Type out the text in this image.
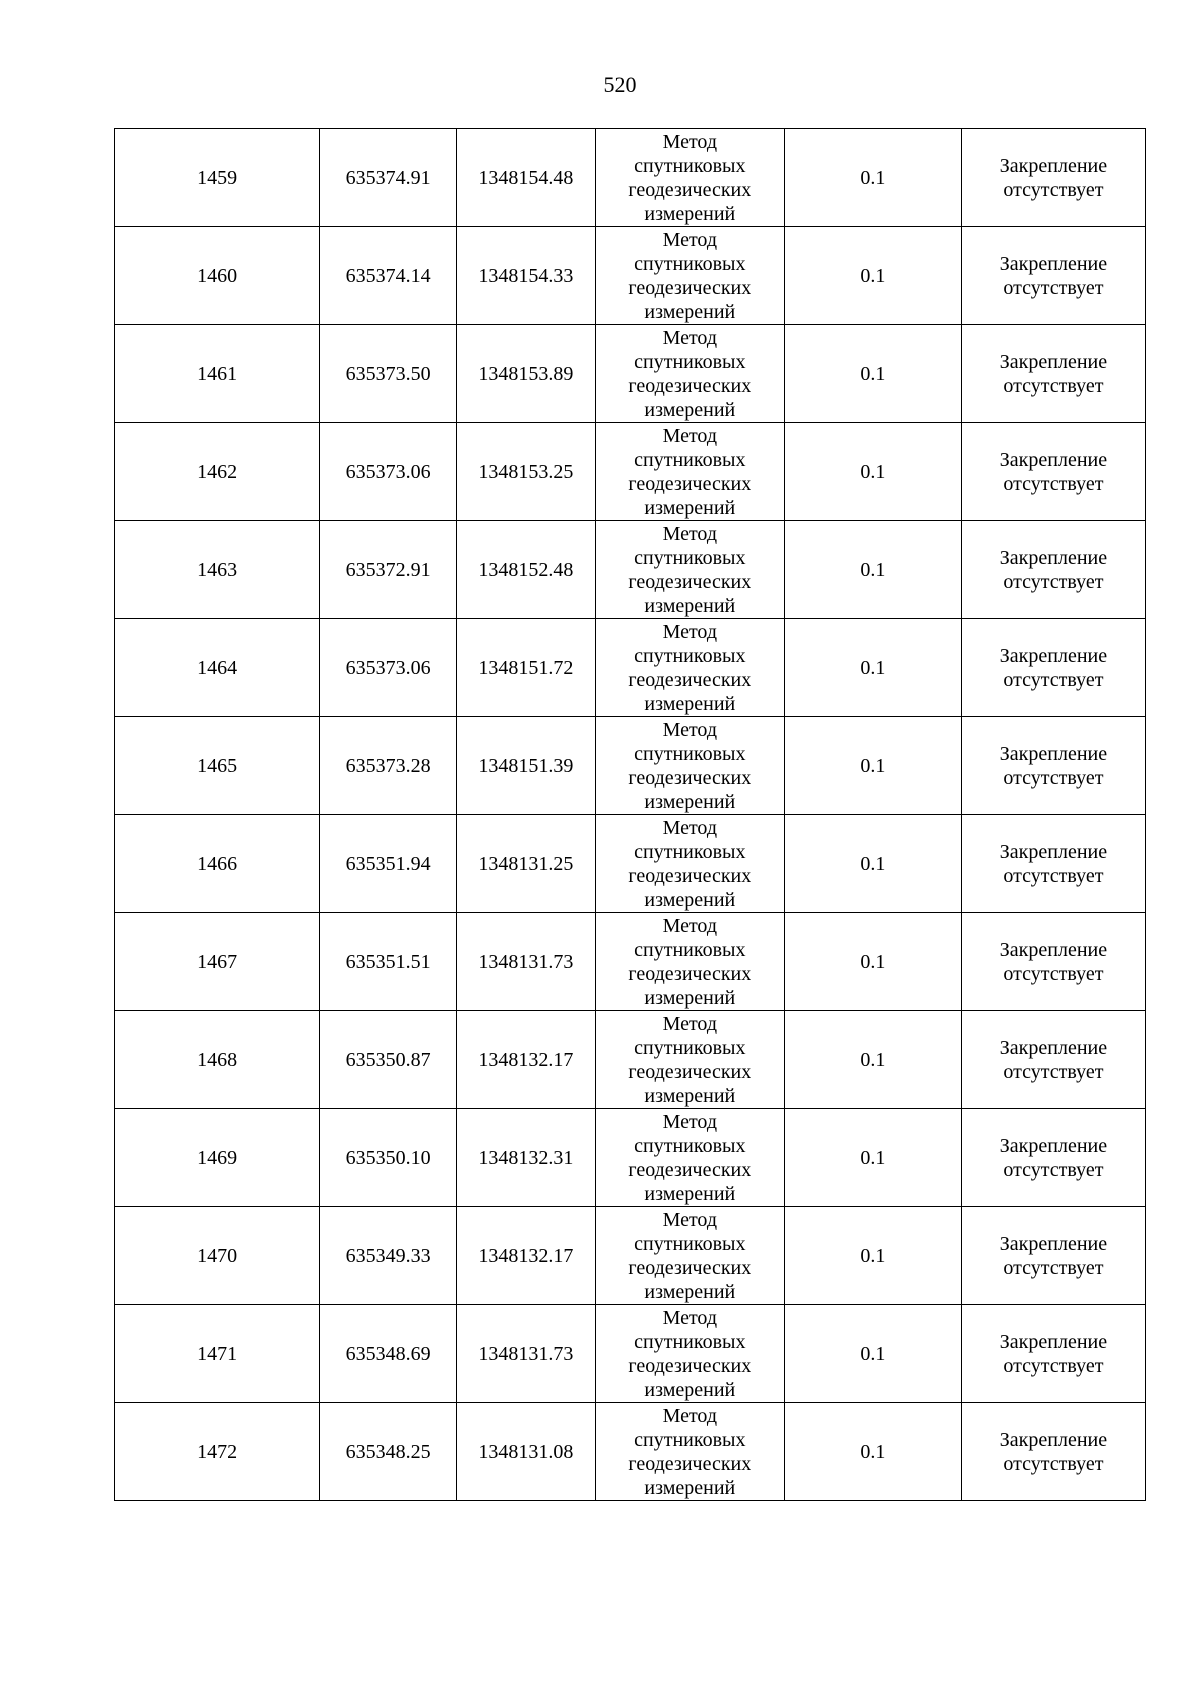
520
1459	635374.91	1348154.48	Метод
спутниковых
геодезических
измерений	0.1	Закрепление
отсутствует

1460	635374.14	1348154.33	Метод
спутниковых
геодезических
измерений	0.1	Закрепление
отсутствует

1461	635373.50	1348153.89	Метод
спутниковых
геодезических
измерений	0.1	Закрепление
отсутствует

1462	635373.06	1348153.25	Метод
спутниковых
геодезических
измерений	0.1	Закрепление
отсутствует

1463	635372.91	1348152.48	Метод
спутниковых
геодезических
измерений	0.1	Закрепление
отсутствует

1464	635373.06	1348151.72	Метод
спутниковых
геодезических
измерений	0.1	Закрепление
отсутствует

1465	635373.28	1348151.39	Метод
спутниковых
геодезических
измерений	0.1	Закрепление
отсутствует

1466	635351.94	1348131.25	Метод
спутниковых
геодезических
измерений	0.1	Закрепление
отсутствует

1467	635351.51	1348131.73	Метод
спутниковых
геодезических
измерений	0.1	Закрепление
отсутствует

1468	635350.87	1348132.17	Метод
спутниковых
геодезических
измерений	0.1	Закрепление
отсутствует

1469	635350.10	1348132.31	Метод
спутниковых
геодезических
измерений	0.1	Закрепление
отсутствует

1470	635349.33	1348132.17	Метод
спутниковых
геодезических
измерений	0.1	Закрепление
отсутствует

1471	635348.69	1348131.73	Метод
спутниковых
геодезических
измерений	0.1	Закрепление
отсутствует

1472	635348.25	1348131.08	Метод
спутниковых
геодезических
измерений	0.1	Закрепление
отсутствует
